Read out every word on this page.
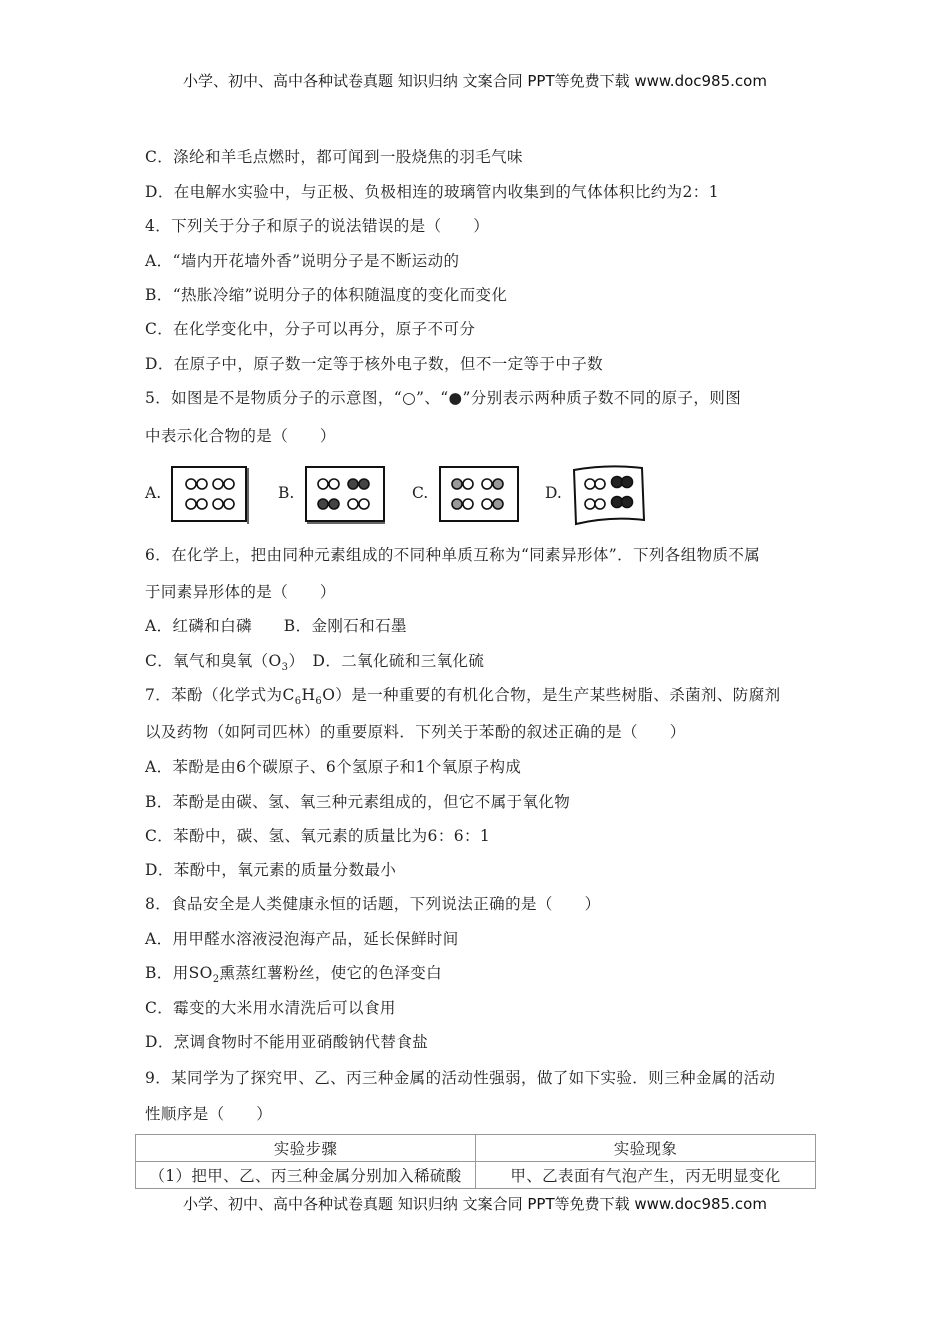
小学、初中、高中各种试卷真题 知识归纳 文案合同 PPT等免费下载 www.doc985.com
C．涤纶和羊毛点燃时，都可闻到一股烧焦的羽毛气味
D．在电解水实验中，与正极、负极相连的玻璃管内收集到的气体体积比约为2：1
4．下列关于分子和原子的说法错误的是（　　）
A．“墙内开花墙外香”说明分子是不断运动的
B．“热胀冷缩”说明分子的体积随温度的变化而变化
C．在化学变化中，分子可以再分，原子不可分
D．在原子中，原子数一定等于核外电子数，但不一定等于中子数
5．如图是不是物质分子的示意图，“○”、“●”分别表示两种质子数不同的原子，则图
中表示化合物的是（　　）
A.	B.	C.	D.
6．在化学上，把由同种元素组成的不同种单质互称为“同素异形体”．下列各组物质不属
于同素异形体的是（　　）
A．红磷和白磷　　B．金刚石和石墨
C．氧气和臭氧$(O_3)$　D．二氧化硫和三氧化硫
7．苯酚（化学式为$C_6H_6O$）是一种重要的有机化合物，是生产某些树脂、杀菌剂、防腐剂
以及药物（如阿司匹林）的重要原料．下列关于苯酚的叙述正确的是（　　）
A．苯酚是由6个碳原子、6个氢原子和1个氧原子构成
B．苯酚是由碳、氢、氧三种元素组成的，但它不属于氧化物
C．苯酚中，碳、氢、氧元素的质量比为6：6：1
D．苯酚中，氧元素的质量分数最小
8．食品安全是人类健康永恒的话题，下列说法正确的是（　　）
A．用甲醛水溶液浸泡海产品，延长保鲜时间
B．用$SO_2$熏蒸红薯粉丝，使它的色泽变白
C．霉变的大米用水清洗后可以食用
D．烹调食物时不能用亚硝酸钠代替食盐
9．某同学为了探究甲、乙、丙三种金属的活动性强弱，做了如下实验．则三种金属的活动
性顺序是（　　）
实验步骤	实验现象
（1）把甲、乙、丙三种金属分别加入稀硫酸	甲、乙表面有气泡产生，丙无明显变化
小学、初中、高中各种试卷真题 知识归纳 文案合同 PPT等免费下载 www.doc985.com
